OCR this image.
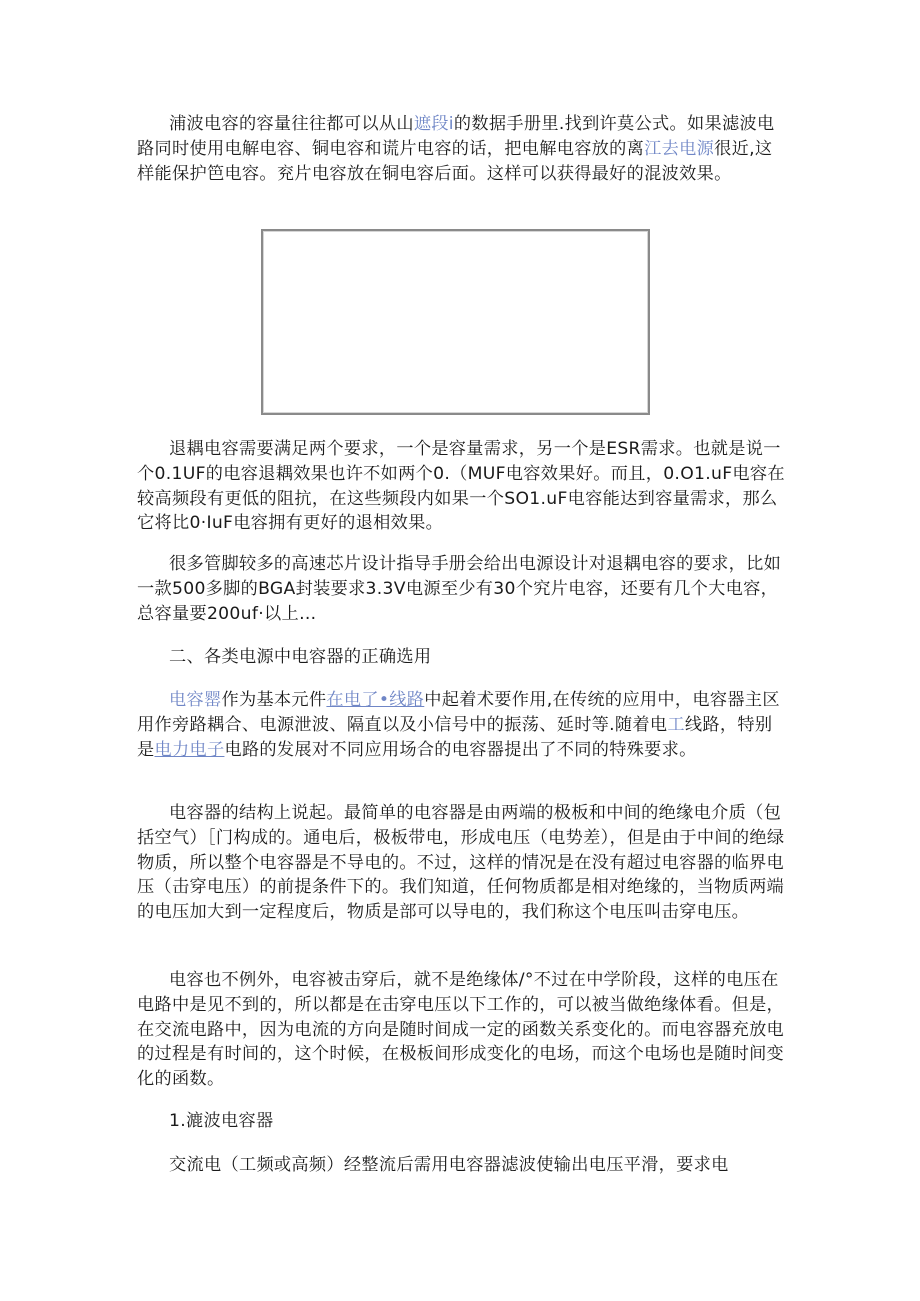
浦波电容的容量往往都可以从山遮段i的数据手册里.找到许莫公式。如果滤波电路同时使用电解电容、铜电容和谎片电容的话，把电解电容放的离江去电源很近,这样能保护笆电容。兖片电容放在铜电容后面。这样可以获得最好的混波效果。

退耦电容需要满足两个要求，一个是容量需求，另一个是ESR需求。也就是说一个0.1UF的电容退耦效果也许不如两个0.（MUF电容效果好。而且，0.O1.uF电容在较高频段有更低的阻抗，在这些频段内如果一个SO1.uF电容能达到容量需求，那么它将比0·IuF电容拥有更好的退相效果。

很多管脚较多的高速芯片设计指导手册会给出电源设计对退耦电容的要求，比如一款500多脚的BGA封装要求3.3V电源至少有30个究片电容，还要有几个大电容，总容量要200uf·以上…

二、各类电源中电容器的正确选用

电容罂作为基本元件在电了•线路中起着术要作用,在传统的应用中，电容器主区用作旁路耦合、电源泄波、隔直以及小信号中的振荡、延时等.随着电工线路，特别是电力电子电路的发展对不同应用场合的电容器提出了不同的特殊要求。

电容器的结构上说起。最简单的电容器是由两端的极板和中间的绝缘电介质（包括空气）［门构成的。通电后，极板带电，形成电压（电势差），但是由于中间的绝绿物质，所以整个电容器是不导电的。不过，这样的情况是在没有超过电容器的临界电压（击穿电压）的前提条件下的。我们知道，任何物质都是相对绝缘的，当物质两端的电压加大到一定程度后，物质是部可以导电的，我们称这个电压叫击穿电压。

电容也不例外，电容被击穿后，就不是绝缘体/°不过在中学阶段，这样的电压在电路中是见不到的，所以都是在击穿电压以下工作的，可以被当做绝缘体看。但是，在交流电路中，因为电流的方向是随时间成一定的函数关系变化的。而电容器充放电的过程是有时间的，这个时候，在极板间形成变化的电场，而这个电场也是随时间变化的函数。

1.漉波电容器

交流电（工频或高频）经整流后需用电容器滤波使输出电压平滑，要求电
